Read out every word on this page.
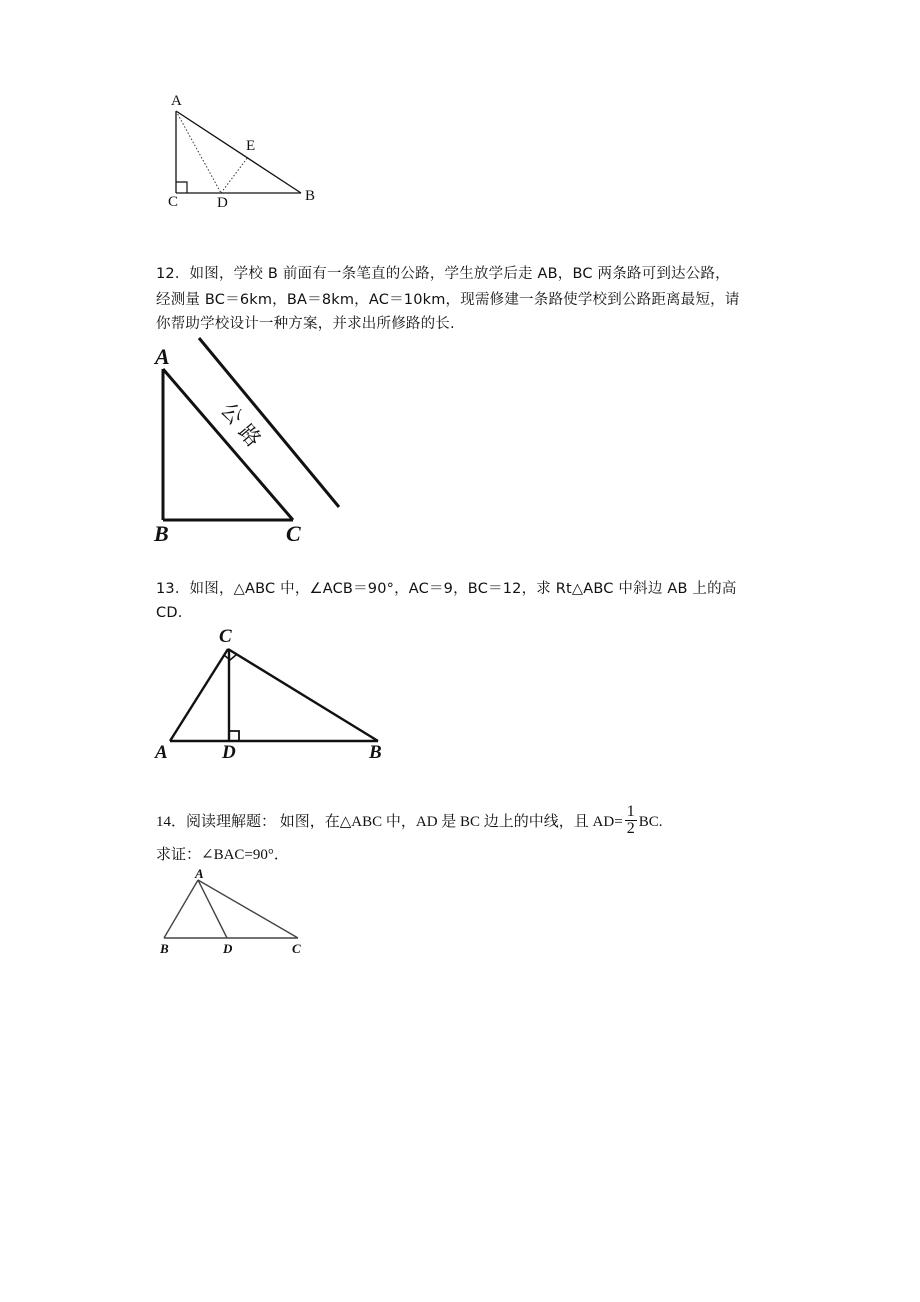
A
E
B
C	D
12．如图，学校 B 前面有一条笔直的公路，学生放学后走 AB，BC 两条路可到达公路，
经测量 BC＝6km，BA＝8km，AC＝10km，现需修建一条路使学校到公路距离最短，请
你帮助学校设计一种方案，并求出所修路的长.
A
B	C
公
路
13．如图，△ABC 中，∠ACB＝90°，AC＝9，BC＝12，求 Rt△ABC 中斜边 AB 上的高
CD.
C
A	D	B
14．阅读理解题： 如图，在△ABC 中，AD 是 BC 边上的中线，且 $AD= \frac{1}{2}$ BC.
求证：∠BAC=90°．
A
B	D	C
